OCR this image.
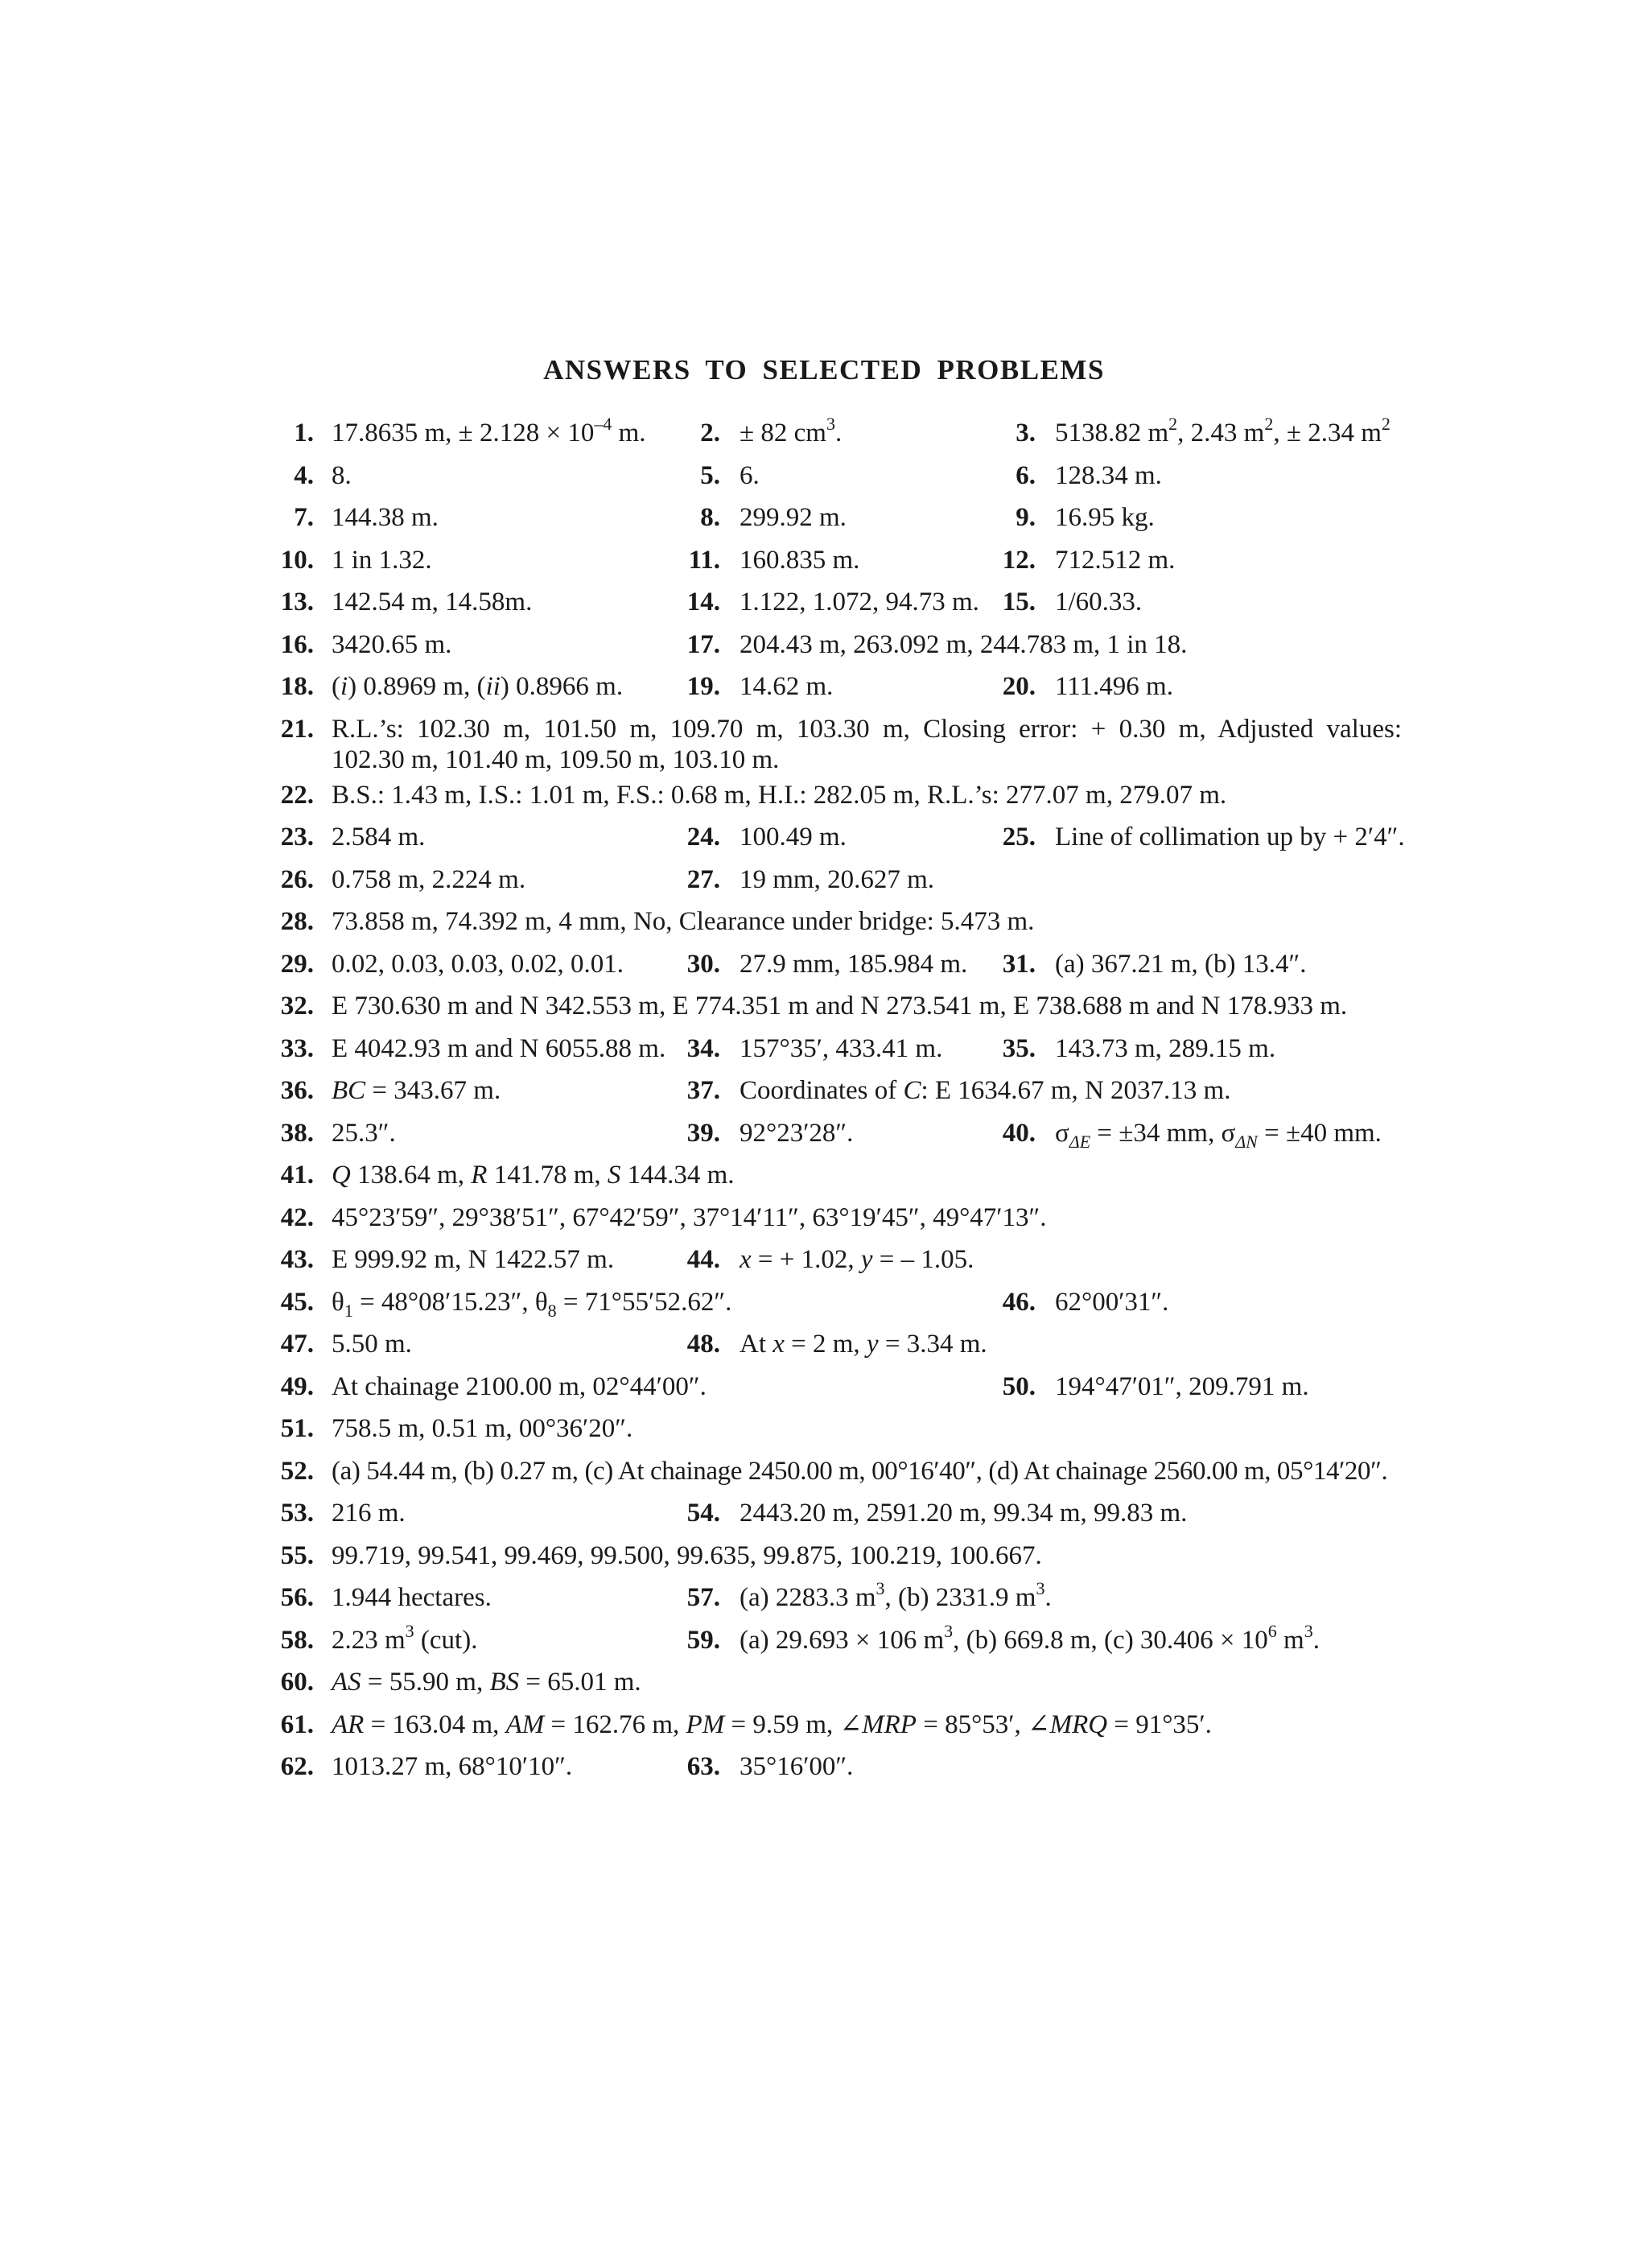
ANSWERS TO SELECTED PROBLEMS
1. 17.8635 m, ± $2.128 \times 10^{-4}$ m. 2. ± 82 $cm^3$.	3. 5138.82 $m^2$, 2.43 $m^2$, ± 2.34 $m^2$
4. 8.	5. 6.	6. 128.34 m.
7. 144.38 m.	8. 299.92 m.	9. 16.95 kg.
10. 1 in 1.32.	11. 160.835 m.	12. 712.512 m.
13. 142.54 m, 14.58m.	14. 1.122, 1.072, 94.73 m. 15. 1/60.33.
16. 3420.65 m.	17. 204.43 m, 263.092 m, 244.783 m, 1 in 18.
18. (i) 0.8969 m, (ii) 0.8966 m. 19. 14.62 m.	20. 111.496 m.
21. R.L.’s: 102.30 m, 101.50 m, 109.70 m, 103.30 m, Closing error: + 0.30 m, Adjusted values:
102.30 m, 101.40 m, 109.50 m, 103.10 m.
22. B.S.: 1.43 m, I.S.: 1.01 m, F.S.: 0.68 m, H.I.: 282.05 m, R.L.’s: 277.07 m, 279.07 m.
23. 2.584 m.	24. 100.49 m.	25. Line of collimation up by + 2′4″.
26. 0.758 m, 2.224 m.	27. 19 mm, 20.627 m.
28. 73.858 m, 74.392 m, 4 mm, No, Clearance under bridge: 5.473 m.
29. 0.02, 0.03, 0.03, 0.02, 0.01. 30. 27.9 mm, 185.984 m. 31. (a) 367.21 m, (b) 13.4″.
32. E 730.630 m and N 342.553 m, E 774.351 m and N 273.541 m, E 738.688 m and N 178.933 m.
33. E 4042.93 m and N 6055.88 m. 34. 157°35′, 433.41 m. 35. 143.73 m, 289.15 m.
36. BC = 343.67 m.	37. Coordinates of C: E 1634.67 m, N 2037.13 m.
38. 25.3″.	39. 92°23′28″.	40. $\sigma_{\Delta E} = \pm 34$ mm, $\sigma_{\Delta N} = \pm 40$ mm.
41. Q 138.64 m, R 141.78 m, S 144.34 m.
42. 45°23′59″, 29°38′51″, 67°42′59″, 37°14′11″, 63°19′45″, 49°47′13″.
43. E 999.92 m, N 1422.57 m.	44. x = + 1.02, y = – 1.05.
45. $\theta_1 = 48^\circ 08'15.23''$, $\theta_8 = 71^\circ 55'52.62''$.	46. 62°00′31″.
47. 5.50 m.	48. At x = 2 m, y = 3.34 m.
49. At chainage 2100.00 m, 02°44′00″.	50. 194°47′01″, 209.791 m.
51. 758.5 m, 0.51 m, 00°36′20″.
52. (a) 54.44 m, (b) 0.27 m, (c) At chainage 2450.00 m, 00°16′40″, (d) At chainage 2560.00 m, 05°14′20″.
53. 216 m.	54. 2443.20 m, 2591.20 m, 99.34 m, 99.83 m.
55. 99.719, 99.541, 99.469, 99.500, 99.635, 99.875, 100.219, 100.667.
56. 1.944 hectares.	57. (a) 2283.3 $m^3$, (b) 2331.9 $m^3$.
58. 2.23 $m^3$ (cut).	59. (a) 29.693 × 106 $m^3$, (b) 669.8 m, (c) $30.406 \times 10^6$ $m^3$.
60. AS = 55.90 m, BS = 65.01 m.
61. AR = 163.04 m, AM = 162.76 m, PM = 9.59 m, ∠MRP = 85°53′, ∠MRQ = 91°35′.
62. 1013.27 m, 68°10′10″.	63. 35°16′00″.
